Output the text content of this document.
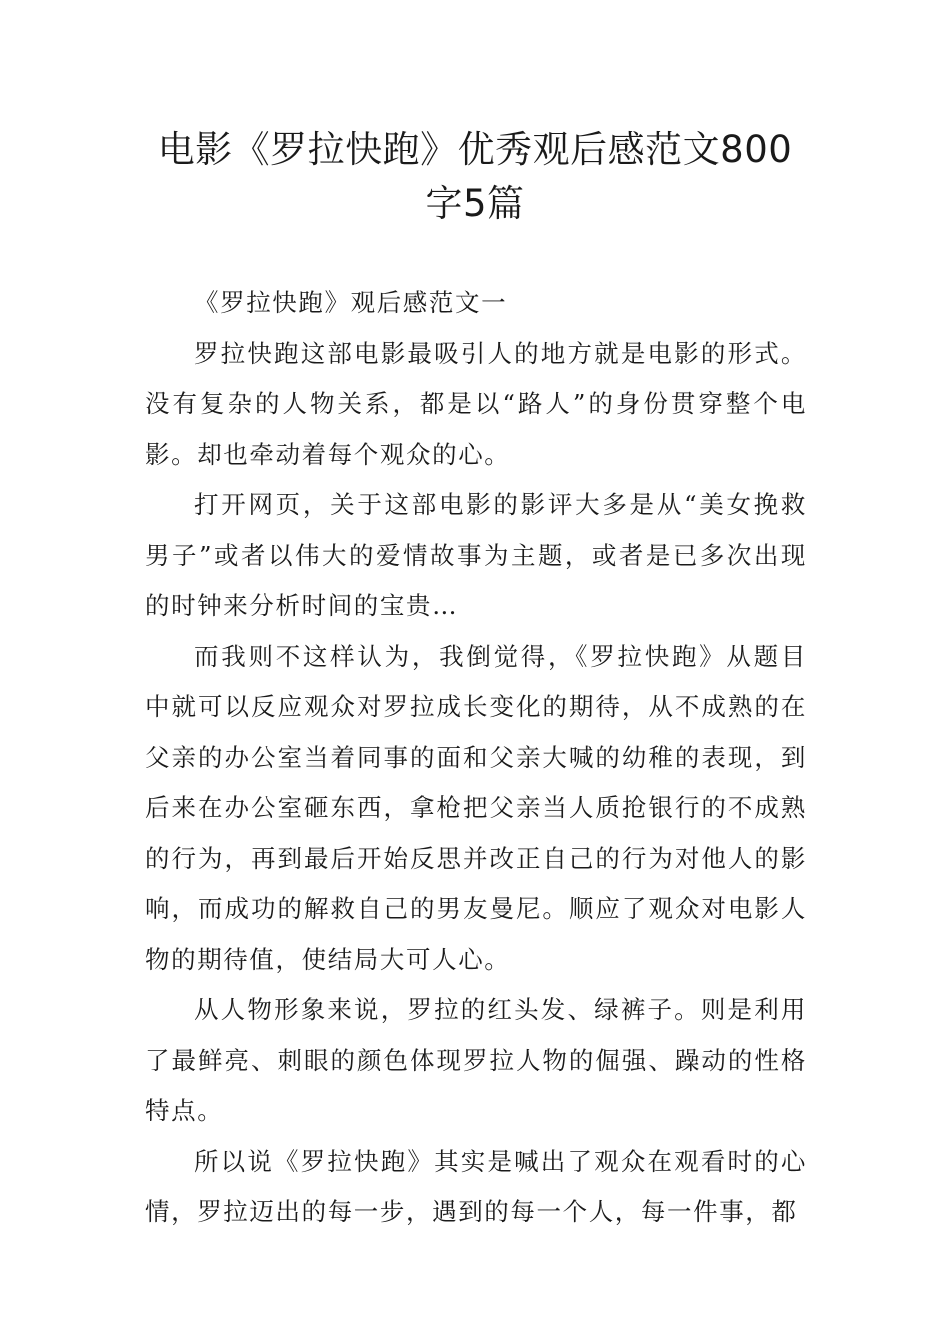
电影《罗拉快跑》优秀观后感范文800字5篇

《罗拉快跑》观后感范文一

罗拉快跑这部电影最吸引人的地方就是电影的形式。没有复杂的人物关系，都是以“路人”的身份贯穿整个电影。却也牵动着每个观众的心。

打开网页，关于这部电影的影评大多是从“美女挽救男子”或者以伟大的爱情故事为主题，或者是已多次出现的时钟来分析时间的宝贵…

而我则不这样认为，我倒觉得，《罗拉快跑》从题目中就可以反应观众对罗拉成长变化的期待，从不成熟的在父亲的办公室当着同事的面和父亲大喊的幼稚的表现，到后来在办公室砸东西，拿枪把父亲当人质抢银行的不成熟的行为，再到最后开始反思并改正自己的行为对他人的影响，而成功的解救自己的男友曼尼。顺应了观众对电影人物的期待值，使结局大可人心。

从人物形象来说，罗拉的红头发、绿裤子。则是利用了最鲜亮、刺眼的颜色体现罗拉人物的倔强、躁动的性格特点。

所以说《罗拉快跑》其实是喊出了观众在观看时的心情，罗拉迈出的每一步，遇到的每一个人，每一件事，都
